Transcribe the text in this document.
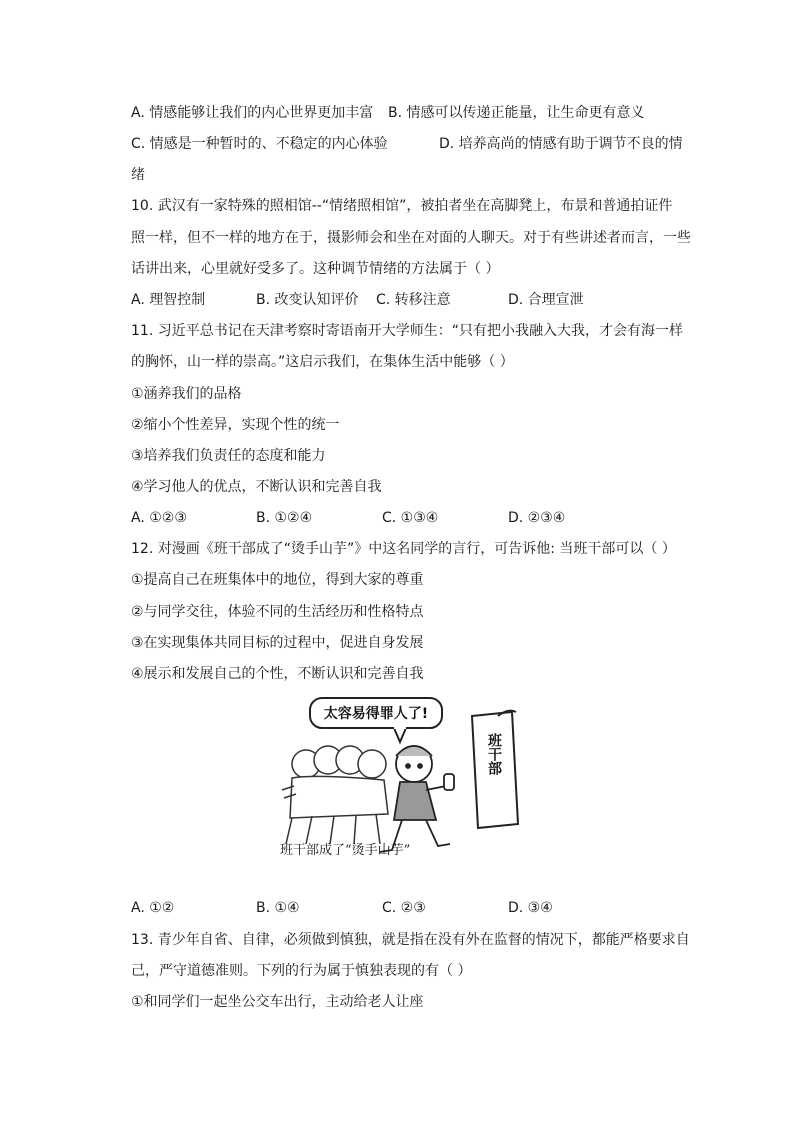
A. 情感能够让我们的内心世界更加丰富 B. 情感可以传递正能量，让生命更有意义
C. 情感是一种暂时的、不稳定的内心体验	D. 培养高尚的情感有助于调节不良的情
绪
10. 武汉有一家特殊的照相馆--“情绪照相馆”，被拍者坐在高脚凳上，布景和普通拍证件
照一样，但不一样的地方在于，摄影师会和坐在对面的人聊天。对于有些讲述者而言，一些
话讲出来，心里就好受多了。这种调节情绪的方法属于（ ）
A. 理智控制	B. 改变认知评价 C. 转移注意	D. 合理宣泄
11. 习近平总书记在天津考察时寄语南开大学师生：“只有把小我融入大我，才会有海一样
的胸怀，山一样的崇高。”这启示我们，在集体生活中能够（ ）
①涵养我们的品格
②缩小个性差异，实现个性的统一
③培养我们负责任的态度和能力
④学习他人的优点，不断认识和完善自我
A. ①②③	B. ①②④	C. ①③④	D. ②③④
12. 对漫画《班干部成了“烫手山芋”》中这名同学的言行，可告诉他: 当班干部可以（ ）
①提高自己在班集体中的地位，得到大家的尊重
②与同学交往，体验不同的生活经历和性格特点
③在实现集体共同目标的过程中，促进自身发展
④展示和发展自己的个性，不断认识和完善自我
太容易得罪人了!
班干部
班干部成了“烫手山芋”
A. ①②	B. ①④	C. ②③	D. ③④
13. 青少年自省、自律，必须做到慎独，就是指在没有外在监督的情况下，都能严格要求自
己，严守道德准则。下列的行为属于慎独表现的有（ ）
①和同学们一起坐公交车出行，主动给老人让座
